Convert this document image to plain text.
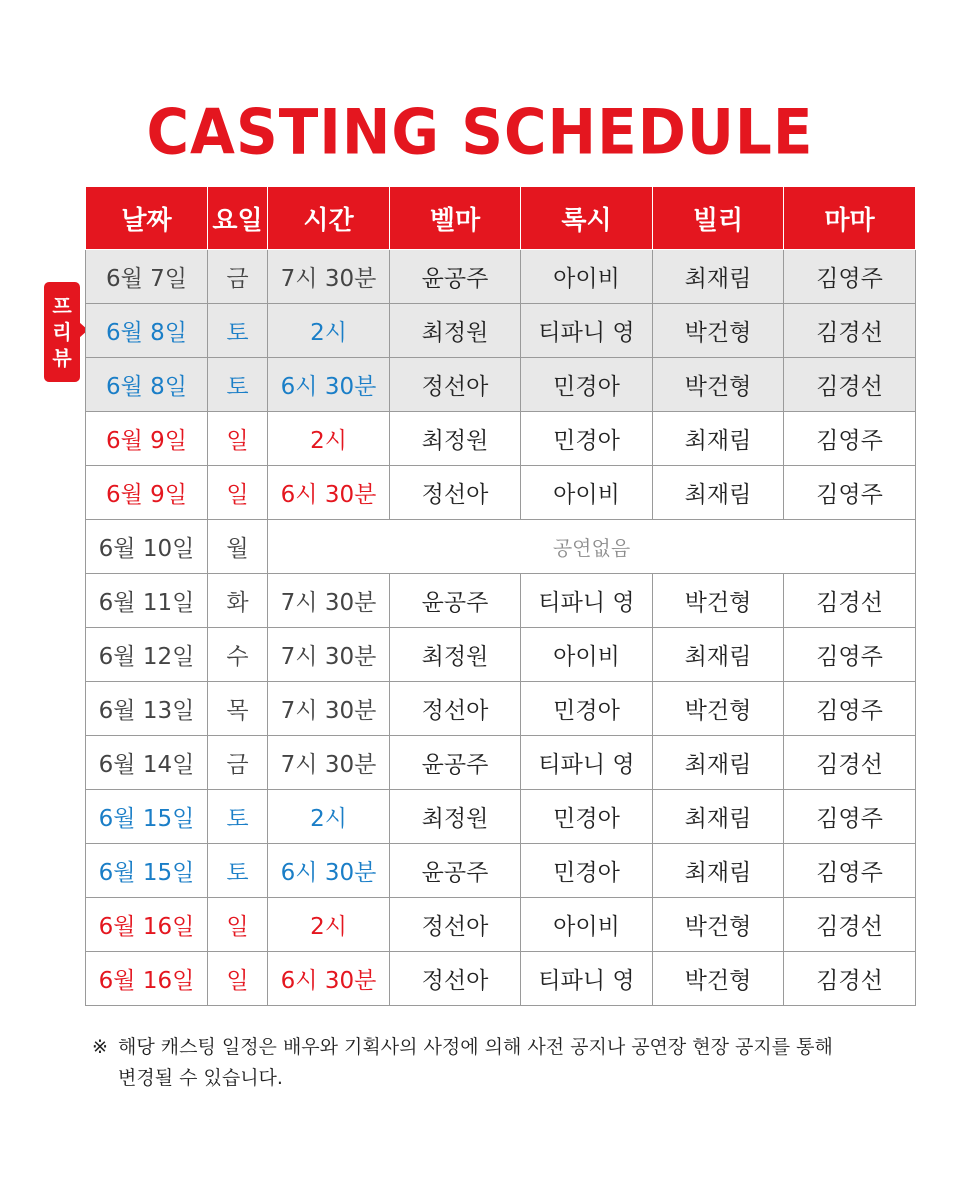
CASTING SCHEDULE
프
리
뷰
날짜	요일	시간	벨마	록시	빌리	마마
6월 7일	금	7시 30분	윤공주	아이비	최재림	김영주
6월 8일	토	2시	최정원	티파니 영	박건형	김경선
6월 8일	토	6시 30분	정선아	민경아	박건형	김경선
6월 9일	일	2시	최정원	민경아	최재림	김영주
6월 9일	일	6시 30분	정선아	아이비	최재림	김영주
6월 10일	월	공연없음				
6월 11일	화	7시 30분	윤공주	티파니 영	박건형	김경선
6월 12일	수	7시 30분	최정원	아이비	최재림	김영주
6월 13일	목	7시 30분	정선아	민경아	박건형	김영주
6월 14일	금	7시 30분	윤공주	티파니 영	최재림	김경선
6월 15일	토	2시	최정원	민경아	최재림	김영주
6월 15일	토	6시 30분	윤공주	민경아	최재림	김영주
6월 16일	일	2시	정선아	아이비	박건형	김경선
6월 16일	일	6시 30분	정선아	티파니 영	박건형	김경선
※ 해당 캐스팅 일정은 배우와 기획사의 사정에 의해 사전 공지나 공연장 현장 공지를 통해
변경될 수 있습니다.
